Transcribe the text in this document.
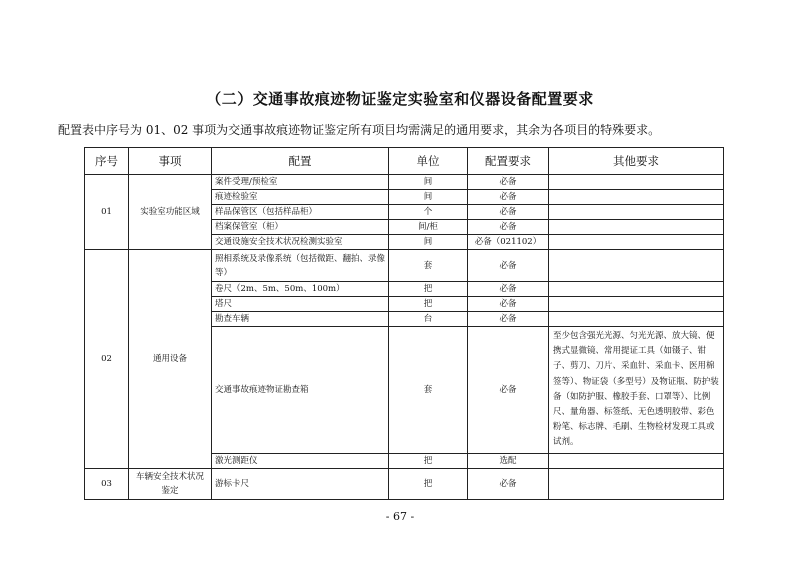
（二）交通事故痕迹物证鉴定实验室和仪器设备配置要求
配置表中序号为 01、02 事项为交通事故痕迹物证鉴定所有项目均需满足的通用要求，其余为各项目的特殊要求。
序号	事项	配置	单位	配置要求	其他要求
01	实验室功能区域	案件受理/预检室	间	必备	
		痕迹检验室	间	必备	
		样品保管区（包括样品柜）	个	必备	
		档案保管室（柜）	间/柜	必备	
		交通设施安全技术状况检测实验室	间	必备（021102）	
02	通用设备	照相系统及录像系统（包括微距、翻拍、录像等）	套	必备	
		卷尺（2m、5m、50m、100m）	把	必备	
		塔尺	把	必备	
		勘查车辆	台	必备	
		交通事故痕迹物证勘查箱	套	必备	至少包含强光光源、匀光光源、放大镜、便携式显微镜、常用提证工具（如镊子、钳子、剪刀、刀片、采血针、采血卡、医用棉签等）、物证袋（多型号）及物证瓶、防护装备（如防护服、橡胶手套、口罩等）、比例尺、量角器、标签纸、无色透明胶带、彩色粉笔、标志牌、毛刷、生物检材发现工具或试剂。
		激光测距仪	把	选配	
03	车辆安全技术状况鉴定	游标卡尺	把	必备	
- 67 -
